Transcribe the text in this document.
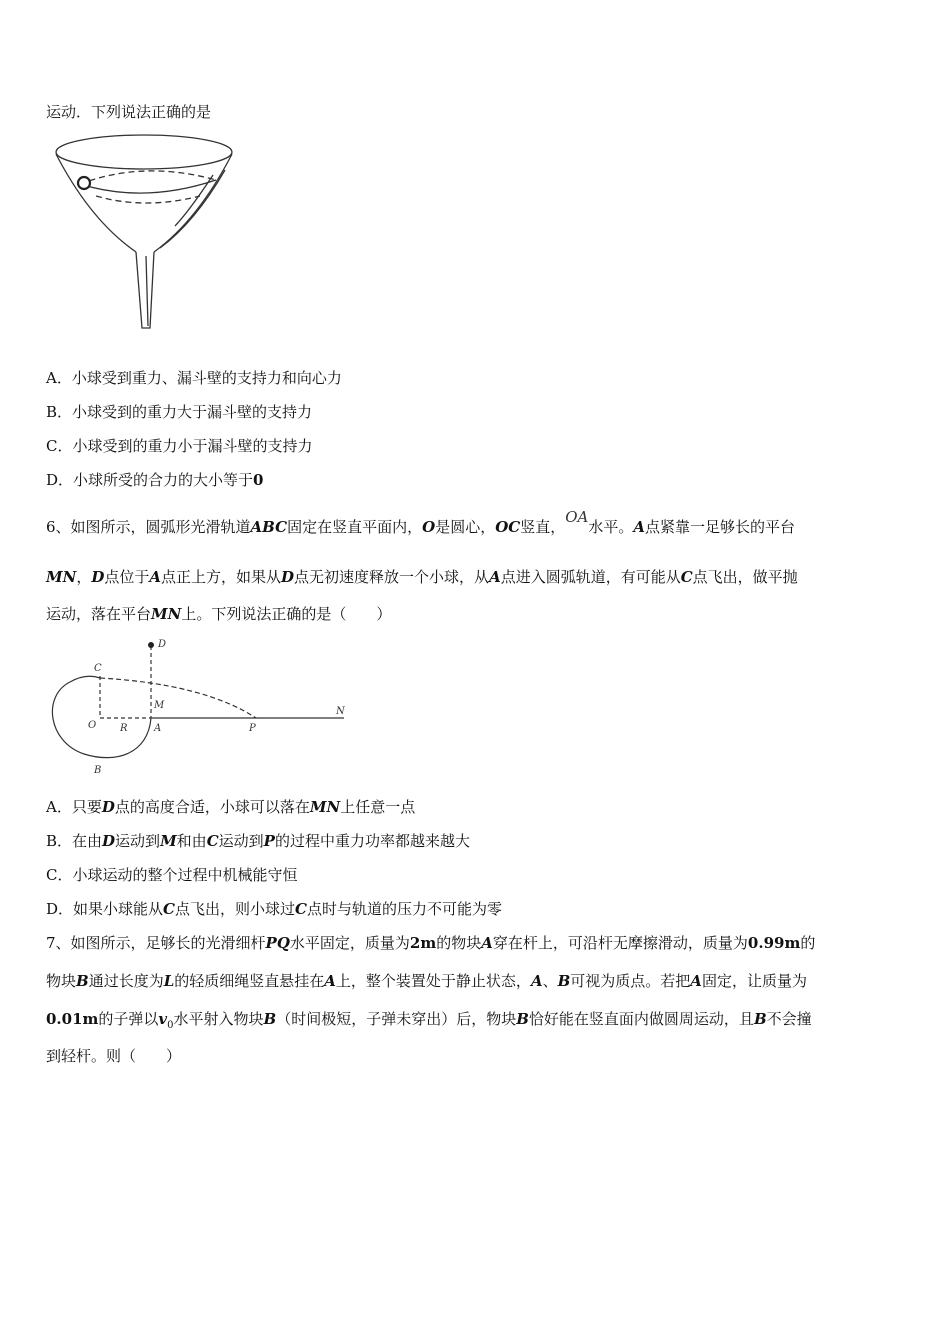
运动．下列说法正确的是
A．小球受到重力、漏斗壁的支持力和向心力
B．小球受到的重力大于漏斗壁的支持力
C．小球受到的重力小于漏斗壁的支持力
D．小球所受的合力的大小等于0
6、如图所示，圆弧形光滑轨道ABC固定在竖直平面内，O是圆心，OC竖直，OA水平。A点紧靠一足够长的平台
MN，D点位于A点正上方，如果从D点无初速度释放一个小球，从A点进入圆弧轨道，有可能从C点飞出，做平抛
运动，落在平台MN上。下列说法正确的是（　　）
D
C
M
O R	A	P
N
B
A．只要D点的高度合适，小球可以落在MN上任意一点
B．在由D运动到M和由C运动到P的过程中重力功率都越来越大
C．小球运动的整个过程中机械能守恒
D．如果小球能从C点飞出，则小球过C点时与轨道的压力不可能为零
7、如图所示，足够长的光滑细杆PQ水平固定，质量为2m的物块A穿在杆上，可沿杆无摩擦滑动，质量为0.99m的
物块B通过长度为L的轻质细绳竖直悬挂在A上，整个装置处于静止状态，A、B可视为质点。若把A固定，让质量为
0.01m的子弹以$v_0$水平射入物块B（时间极短，子弹未穿出）后，物块B恰好能在竖直面内做圆周运动，且B不会撞
到轻杆。则（　　）
